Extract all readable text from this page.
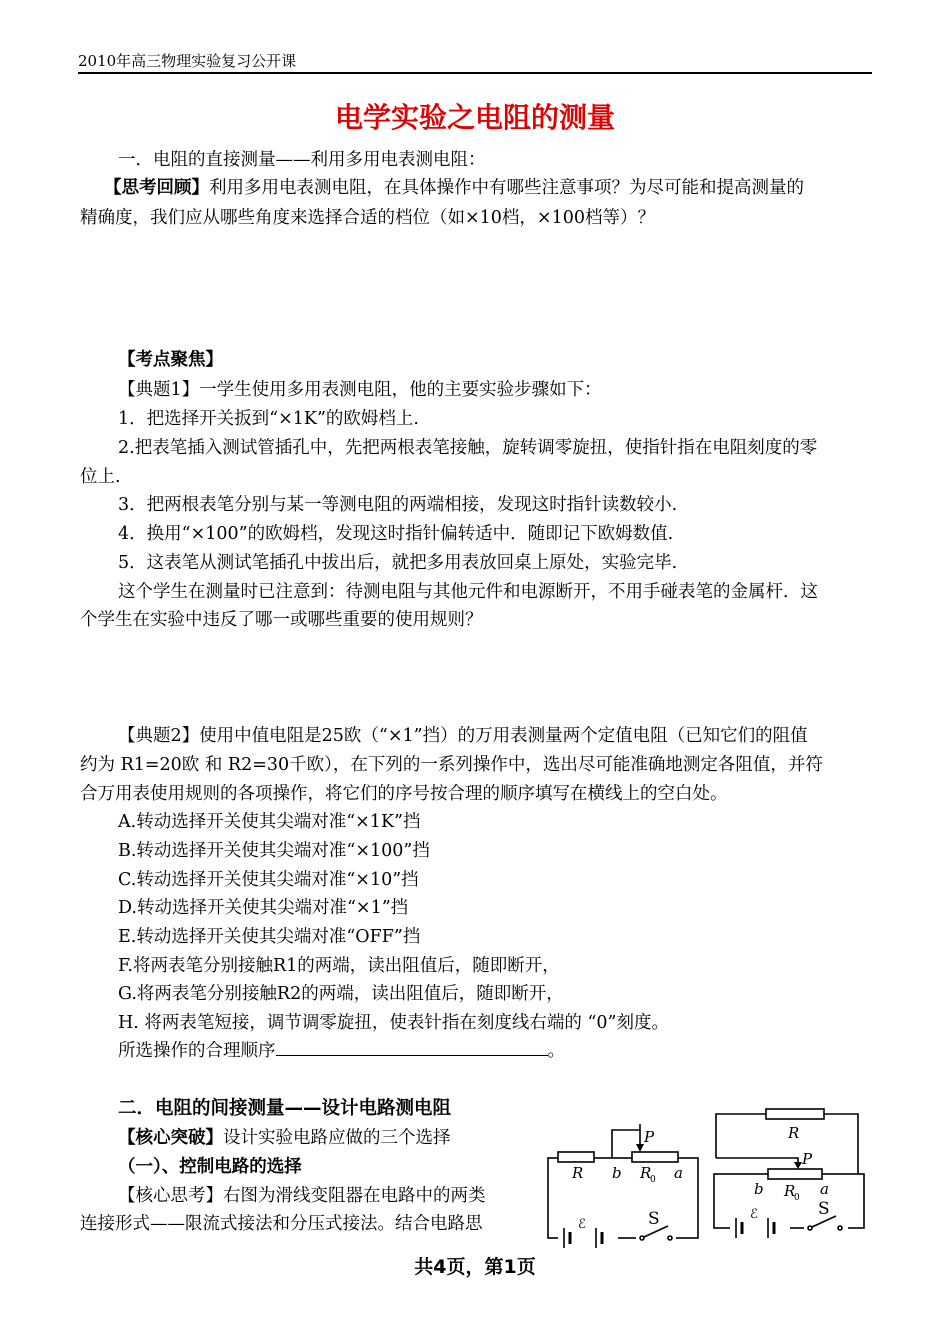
2010年高三物理实验复习公开课
电学实验之电阻的测量
一．电阻的直接测量——利用多用电表测电阻：
【思考回顾】利用多用电表测电阻，在具体操作中有哪些注意事项？为尽可能和提高测量的
精确度，我们应从哪些角度来选择合适的档位（如×10档，×100档等）？
【考点聚焦】
【典题1】一学生使用多用表测电阻，他的主要实验步骤如下：
1．把选择开关扳到“×1K”的欧姆档上.
2.把表笔插入测试管插孔中，先把两根表笔接触，旋转调零旋扭，使指针指在电阻刻度的零
位上.
3．把两根表笔分别与某一等测电阻的两端相接，发现这时指针读数较小.
4．换用“×100”的欧姆档，发现这时指针偏转适中．随即记下欧姆数值.
5．这表笔从测试笔插孔中拔出后，就把多用表放回桌上原处，实验完毕.
这个学生在测量时已注意到：待测电阻与其他元件和电源断开，不用手碰表笔的金属杆．这
个学生在实验中违反了哪一或哪些重要的使用规则？
【典题2】使用中值电阻是25欧（“×1”挡）的万用表测量两个定值电阻（已知它们的阻值
约为 R1=20欧 和 R2=30千欧），在下列的一系列操作中，选出尽可能准确地测定各阻值，并符
合万用表使用规则的各项操作，将它们的序号按合理的顺序填写在横线上的空白处。
A.转动选择开关使其尖端对准“×1K”挡
B.转动选择开关使其尖端对准“×100”挡
C.转动选择开关使其尖端对准“×10”挡
D.转动选择开关使其尖端对准“×1”挡
E.转动选择开关使其尖端对准“OFF”挡
F.将两表笔分别接触R1的两端，读出阻值后，随即断开，
G.将两表笔分别接触R2的两端，读出阻值后，随即断开，
H. 将两表笔短接，调节调零旋扭，使表针指在刻度线右端的 “0”刻度。
所选操作的合理顺序	。
二．电阻的间接测量——设计电路测电阻
【核心突破】设计实验电路应做的三个选择
（一）、控制电路的选择
【核心思考】右图为滑线变阻器在电路中的两类
连接形式——限流式接法和分压式接法。结合电路思
P
R b R
0 a
ℰ	S
R
P
b R
0 a
ℰ	S
共4页，第1页
